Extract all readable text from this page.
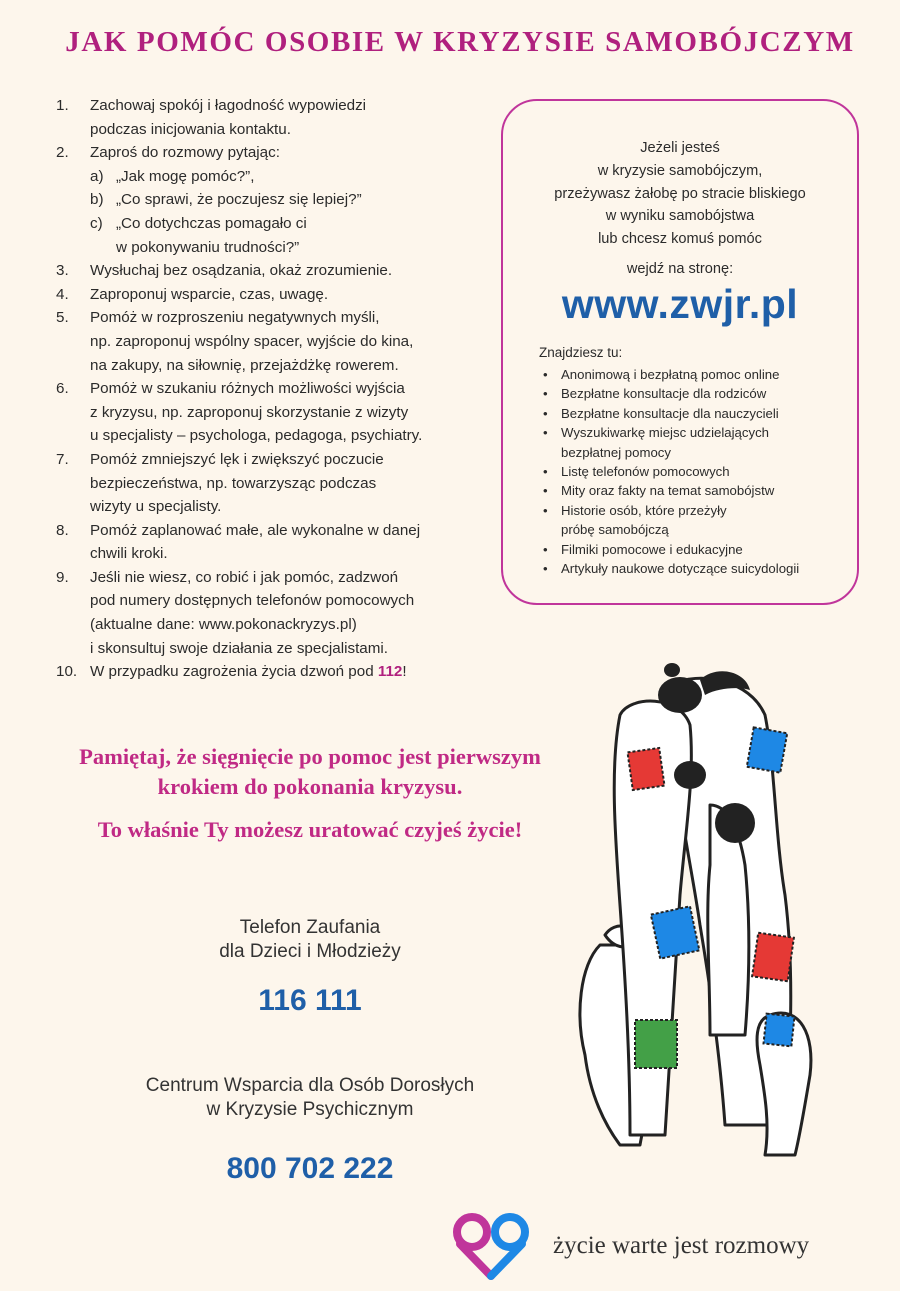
JAK POMÓC OSOBIE W KRYZYSIE SAMOBÓJCZYM
1.	Zachowaj spokój i łagodność wypowiedzi
podczas inicjowania kontaktu.
2.	Zaproś do rozmowy pytając:
a) „Jak mogę pomóc?”,
b) „Co sprawi, że poczujesz się lepiej?”
c) „Co dotychczas pomagało ci
w pokonywaniu trudności?”
3.	Wysłuchaj bez osądzania, okaż zrozumienie.
4.	Zaproponuj wsparcie, czas, uwagę.
5.	Pomóż w rozproszeniu negatywnych myśli,
np. zaproponuj wspólny spacer, wyjście do kina,
na zakupy, na siłownię, przejażdżkę rowerem.
6.	Pomóż w szukaniu różnych możliwości wyjścia
z kryzysu, np. zaproponuj skorzystanie z wizyty
u specjalisty – psychologa, pedagoga, psychiatry.
7.	Pomóż zmniejszyć lęk i zwiększyć poczucie
bezpieczeństwa, np. towarzysząc podczas
wizyty u specjalisty.
8.	Pomóż zaplanować małe, ale wykonalne w danej
chwili kroki.
9.	Jeśli nie wiesz, co robić i jak pomóc, zadzwoń
pod numery dostępnych telefonów pomocowych
(aktualne dane: www.pokonackryzys.pl)
i skonsultuj swoje działania ze specjalistami.
10. W przypadku zagrożenia życia dzwoń pod 112!
Jeżeli jesteś
w kryzysie samobójczym,
przeżywasz żałobę po stracie bliskiego
w wyniku samobójstwa
lub chcesz komuś pomóc
wejdź na stronę:
www.zwjr.pl
Znajdziesz tu:
• Anonimową i bezpłatną pomoc online
• Bezpłatne konsultacje dla rodziców
• Bezpłatne konsultacje dla nauczycieli
• Wyszukiwarkę miejsc udzielających
bezpłatnej pomocy
• Listę telefonów pomocowych
• Mity oraz fakty na temat samobójstw
• Historie osób, które przeżyły
próbę samobójczą
• Filmiki pomocowe i edukacyjne
• Artykuły naukowe dotyczące suicydologii
Pamiętaj, że sięgnięcie po pomoc jest pierwszym
krokiem do pokonania kryzysu.
To właśnie Ty możesz uratować czyjeś życie!
Telefon Zaufania
dla Dzieci i Młodzieży
116 111
Centrum Wsparcia dla Osób Dorosłych
w Kryzysie Psychicznym
800 702 222
życie warte jest rozmowy
